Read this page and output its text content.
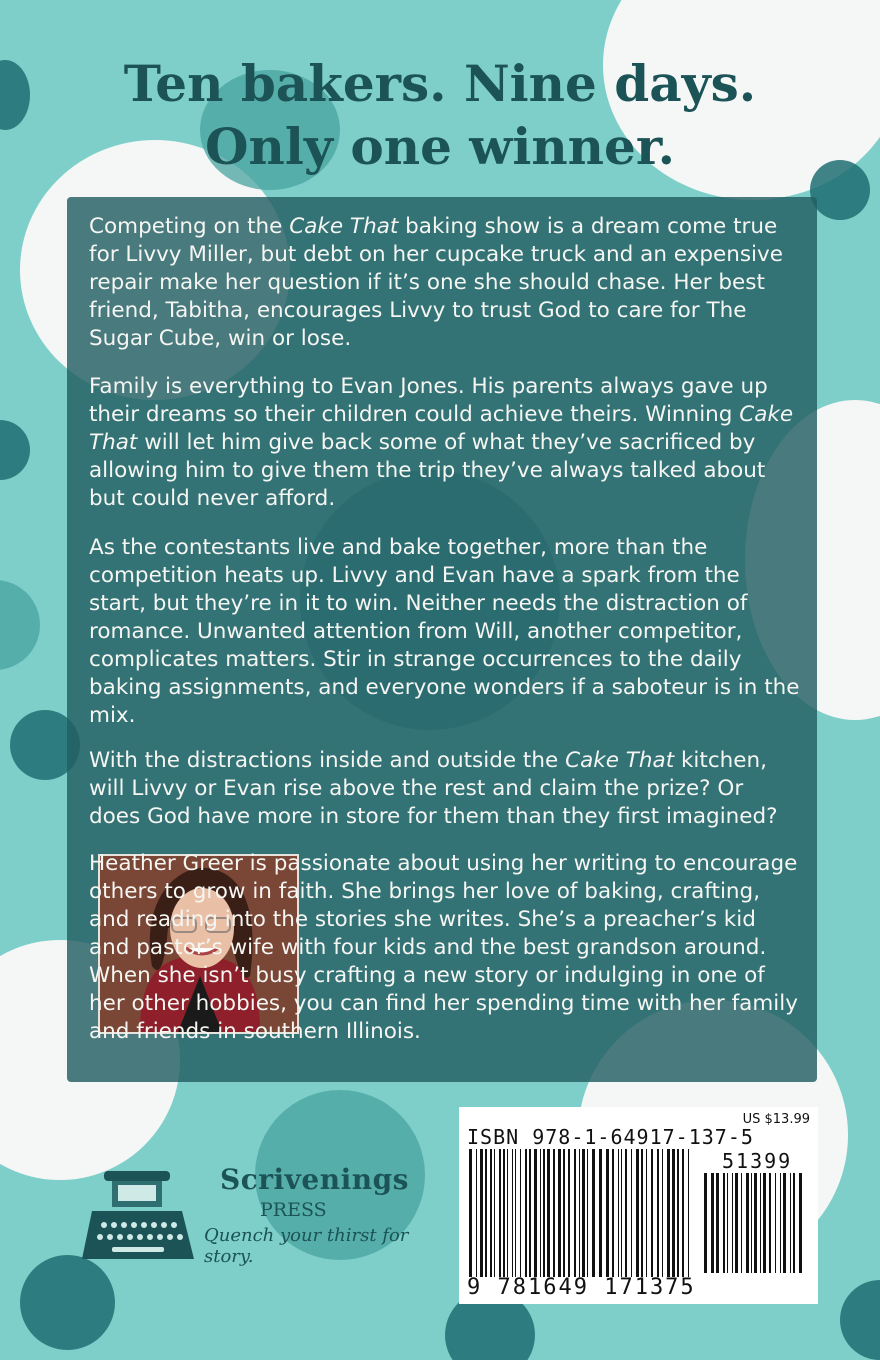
Ten bakers. Nine days.
Only one winner.

Competing on the Cake That baking show is a dream come true for Livvy Miller, but debt on her cupcake truck and an expensive repair make her question if it’s one she should chase. Her best friend, Tabitha, encourages Livvy to trust God to care for The Sugar Cube, win or lose.

Family is everything to Evan Jones. His parents always gave up their dreams so their children could achieve theirs. Winning Cake That will let him give back some of what they’ve sacrificed by allowing him to give them the trip they’ve always talked about but could never afford.

As the contestants live and bake together, more than the competition heats up. Livvy and Evan have a spark from the start, but they’re in it to win. Neither needs the distraction of romance. Unwanted attention from Will, another competitor, complicates matters. Stir in strange occurrences to the daily baking assignments, and everyone wonders if a saboteur is in the mix.

With the distractions inside and outside the Cake That kitchen, will Livvy or Evan rise above the rest and claim the prize? Or does God have more in store for them than they first imagined?

Heather Greer is passionate about using her writing to encourage others to grow in faith. She brings her love of baking, crafting, and reading into the stories she writes. She’s a preacher’s kid and pastor’s wife with four kids and the best grandson around. When she isn’t busy crafting a new story or indulging in one of her other hobbies, you can find her spending time with her family and friends in southern Illinois.

Scrivenings
PRESS
Quench your thirst for story.
US $13.99
ISBN 978-1-64917-137-5
51399
9 781649 171375
